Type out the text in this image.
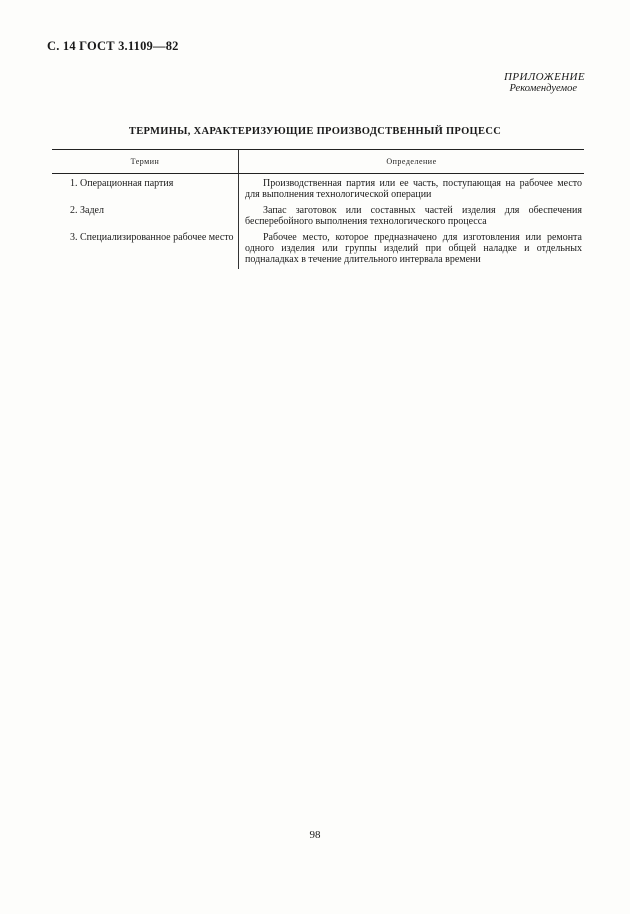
С. 14 ГОСТ 3.1109—82
ПРИЛОЖЕНИЕ
Рекомендуемое
ТЕРМИНЫ, ХАРАКТЕРИЗУЮЩИЕ ПРОИЗВОДСТВЕННЫЙ ПРОЦЕСС
Термин	Определение

1. Операционная партия	Производственная партия или ее часть, поступающая на рабочее место для выполнения технологической операции

2. Задел	Запас заготовок или составных частей изделия для обеспечения бесперебойного выполнения технологического процесса

3. Специализированное рабочее место	Рабочее место, которое предназначено для изготовления или ремонта одного изделия или группы изделий при общей наладке и отдельных подналадках в течение длительного интервала времени
98
